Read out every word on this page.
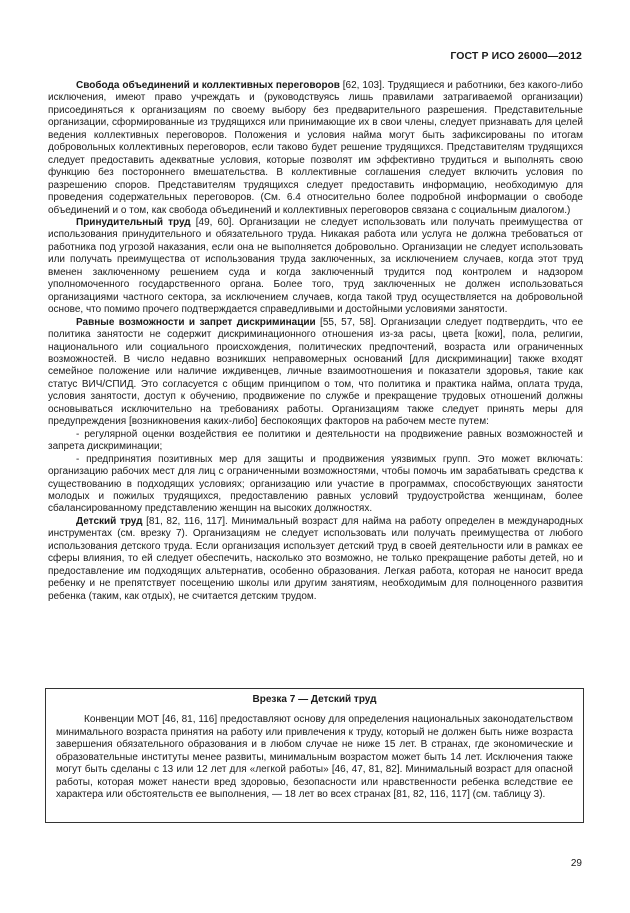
ГОСТ Р ИСО 26000—2012

Свобода объединений и коллективных переговоров [62, 103]. Трудящиеся и работники, без какого-либо исключения, имеют право учреждать и (руководствуясь лишь правилами затрагиваемой организации) присоединяться к организациям по своему выбору без предварительного разрешения. Представительные организации, сформированные из трудящихся или принимающие их в свои члены, следует признавать для целей ведения коллективных переговоров. Положения и условия найма могут быть зафиксированы по итогам добровольных коллективных переговоров, если таково будет решение трудящихся. Представителям трудящихся следует предоставить адекватные условия, которые позволят им эффективно трудиться и выполнять свою функцию без постороннего вмешательства. В коллективные соглашения следует включить условия по разрешению споров. Представителям трудящихся следует предоставить информацию, необходимую для проведения содержательных переговоров. (См. 6.4 относительно более подробной информации о свободе объединений и о том, как свобода объединений и коллективных переговоров связана с социальным диалогом.)

Принудительный труд [49, 60]. Организации не следует использовать или получать преимущества от использования принудительного и обязательного труда. Никакая работа или услуга не должна требоваться от работника под угрозой наказания, если она не выполняется добровольно. Организации не следует использовать или получать преимущества от использования труда заключенных, за исключением случаев, когда этот труд вменен заключенному решением суда и когда заключенный трудится под контролем и надзором уполномоченного государственного органа. Более того, труд заключенных не должен использоваться организациями частного сектора, за исключением случаев, когда такой труд осуществляется на добровольной основе, что помимо прочего подтверждается справедливыми и достойными условиями занятости.

Равные возможности и запрет дискриминации [55, 57, 58]. Организации следует подтвердить, что ее политика занятости не содержит дискриминационного отношения из-за расы, цвета [кожи], пола, религии, национального или социального происхождения, политических предпочтений, возраста или ограниченных возможностей. В число недавно возникших неправомерных оснований [для дискриминации] также входят семейное положение или наличие иждивенцев, личные взаимоотношения и показатели здоровья, такие как статус ВИЧ/СПИД. Это согласуется с общим принципом о том, что политика и практика найма, оплата труда, условия занятости, доступ к обучению, продвижение по службе и прекращение трудовых отношений должны основываться исключительно на требованиях работы. Организациям также следует принять меры для предупреждения [возникновения каких-либо] беспокоящих факторов на рабочем месте путем:

- регулярной оценки воздействия ее политики и деятельности на продвижение равных возможностей и запрета дискриминации;

- предпринятия позитивных мер для защиты и продвижения уязвимых групп. Это может включать: организацию рабочих мест для лиц с ограниченными возможностями, чтобы помочь им зарабатывать средства к существованию в подходящих условиях; организацию или участие в программах, способствующих занятости молодых и пожилых трудящихся, предоставлению равных условий трудоустройства женщинам, более сбалансированному представлению женщин на высоких должностях.

Детский труд [81, 82, 116, 117]. Минимальный возраст для найма на работу определен в международных инструментах (см. врезку 7). Организациям не следует использовать или получать преимущества от любого использования детского труда. Если организация использует детский труд в своей деятельности или в рамках ее сферы влияния, то ей следует обеспечить, насколько это возможно, не только прекращение работы детей, но и предоставление им подходящих альтернатив, особенно образования. Легкая работа, которая не наносит вреда ребенку и не препятствует посещению школы или другим занятиям, необходимым для полноценного развития ребенка (таким, как отдых), не считается детским трудом.

Врезка 7 — Детский труд

Конвенции МОТ [46, 81, 116] предоставляют основу для определения национальных законодательством минимального возраста принятия на работу или привлечения к труду, который не должен быть ниже возраста завершения обязательного образования и в любом случае не ниже 15 лет. В странах, где экономические и образовательные институты менее развиты, минимальным возрастом может быть 14 лет. Исключения также могут быть сделаны с 13 или 12 лет для «легкой работы» [46, 47, 81, 82]. Минимальный возраст для опасной работы, которая может нанести вред здоровью, безопасности или нравственности ребенка вследствие ее характера или обстоятельств ее выполнения, — 18 лет во всех странах [81, 82, 116, 117] (см. таблицу 3).

29
